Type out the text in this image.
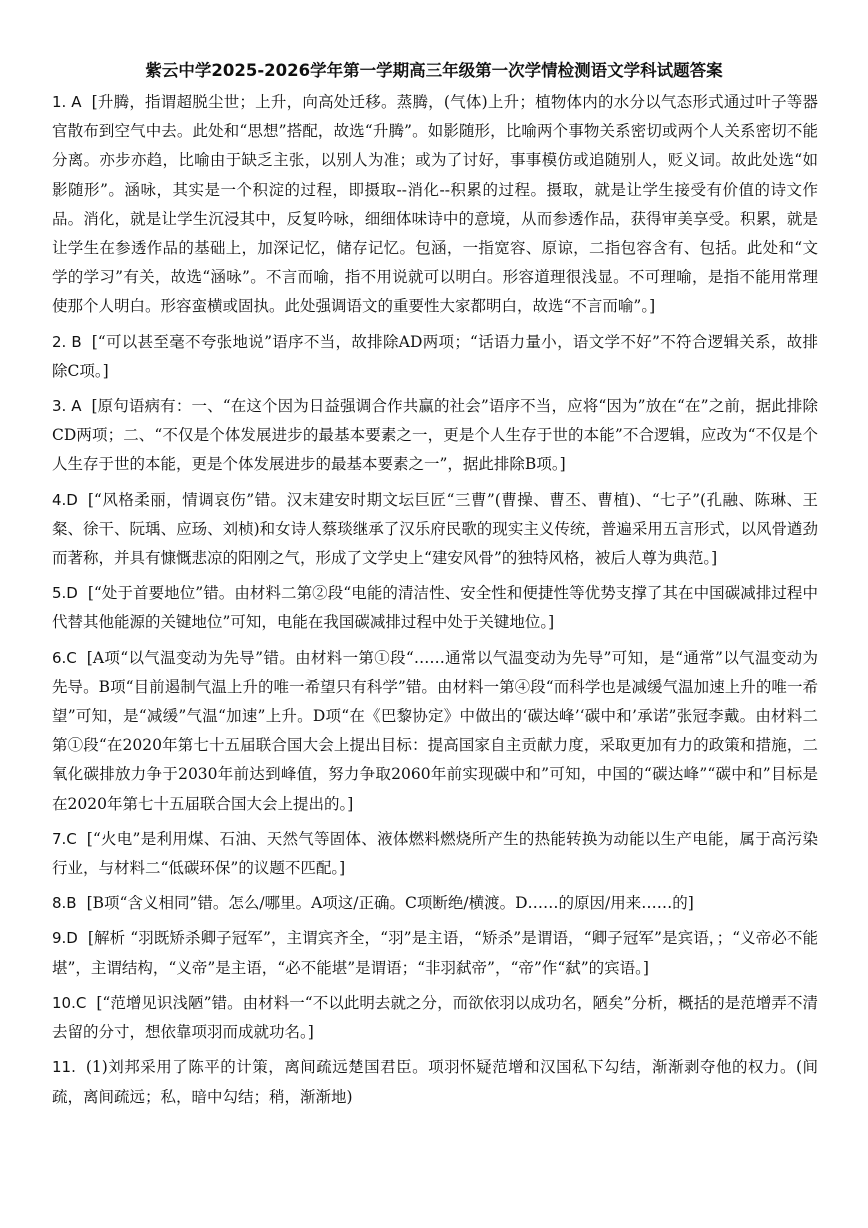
紫云中学2025-2026学年第一学期高三年级第一次学情检测语文学科试题答案

1. A [升腾，指谓超脱尘世；上升，向高处迁移。蒸腾，(气体)上升；植物体内的水分以气态形式通过叶子等器官散布到空气中去。此处和“思想”搭配，故选“升腾”。如影随形，比喻两个事物关系密切或两个人关系密切不能分离。亦步亦趋，比喻由于缺乏主张，以别人为准；或为了讨好，事事模仿或追随别人，贬义词。故此处选“如影随形”。涵咏，其实是一个积淀的过程，即摄取--消化--积累的过程。摄取，就是让学生接受有价值的诗文作品。消化，就是让学生沉浸其中，反复吟咏，细细体味诗中的意境，从而参透作品，获得审美享受。积累，就是让学生在参透作品的基础上，加深记忆，储存记忆。包涵，一指宽容、原谅，二指包容含有、包括。此处和“文学的学习”有关，故选“涵咏”。不言而喻，指不用说就可以明白。形容道理很浅显。不可理喻，是指不能用常理使那个人明白。形容蛮横或固执。此处强调语文的重要性大家都明白，故选“不言而喻”。]

2. B [“可以甚至毫不夸张地说”语序不当，故排除AD两项；“话语力量小，语文学不好”不符合逻辑关系，故排除C项。]

3. A [原句语病有：一、“在这个因为日益强调合作共赢的社会”语序不当，应将“因为”放在“在”之前，据此排除CD两项；二、“不仅是个体发展进步的最基本要素之一，更是个人生存于世的本能”不合逻辑，应改为“不仅是个人生存于世的本能，更是个体发展进步的最基本要素之一”，据此排除B项。]

4.D [“风格柔丽，情调哀伤”错。汉末建安时期文坛巨匠“三曹”(曹操、曹丕、曹植)、“七子”(孔融、陈琳、王粲、徐干、阮瑀、应玚、刘桢)和女诗人蔡琰继承了汉乐府民歌的现实主义传统，普遍采用五言形式，以风骨遒劲而著称，并具有慷慨悲凉的阳刚之气，形成了文学史上“建安风骨”的独特风格，被后人尊为典范。]

5.D [“处于首要地位”错。由材料二第②段“电能的清洁性、安全性和便捷性等优势支撑了其在中国碳减排过程中代替其他能源的关键地位”可知，电能在我国碳减排过程中处于关键地位。]

6.C [A项“以气温变动为先导”错。由材料一第①段“……通常以气温变动为先导”可知，是“通常”以气温变动为先导。B项“目前遏制气温上升的唯一希望只有科学”错。由材料一第④段“而科学也是减缓气温加速上升的唯一希望”可知，是“减缓”气温“加速”上升。D项“在《巴黎协定》中做出的‘碳达峰’‘碳中和’承诺”张冠李戴。由材料二第①段“在2020年第七十五届联合国大会上提出目标：提高国家自主贡献力度，采取更加有力的政策和措施，二氧化碳排放力争于2030年前达到峰值，努力争取2060年前实现碳中和”可知，中国的“碳达峰”“碳中和”目标是在2020年第七十五届联合国大会上提出的。]

7.C [“火电”是利用煤、石油、天然气等固体、液体燃料燃烧所产生的热能转换为动能以生产电能，属于高污染行业，与材料二“低碳环保”的议题不匹配。]

8.B [B项“含义相同”错。怎么/哪里。A项这/正确。C项断绝/横渡。D……的原因/用来……的]

9.D [解析 “羽既矫杀卿子冠军”，主谓宾齐全，“羽”是主语，“矫杀”是谓语，“卿子冠军”是宾语，；“义帝必不能堪”，主谓结构，“义帝”是主语，“必不能堪”是谓语；“非羽弑帝”，“帝”作“弑”的宾语。]

10.C [“范增见识浅陋”错。由材料一“不以此明去就之分，而欲依羽以成功名，陋矣”分析，概括的是范增弄不清去留的分寸，想依靠项羽而成就功名。]

11. (1)刘邦采用了陈平的计策，离间疏远楚国君臣。项羽怀疑范增和汉国私下勾结，渐渐剥夺他的权力。(间疏，离间疏远；私，暗中勾结；稍，渐渐地)
